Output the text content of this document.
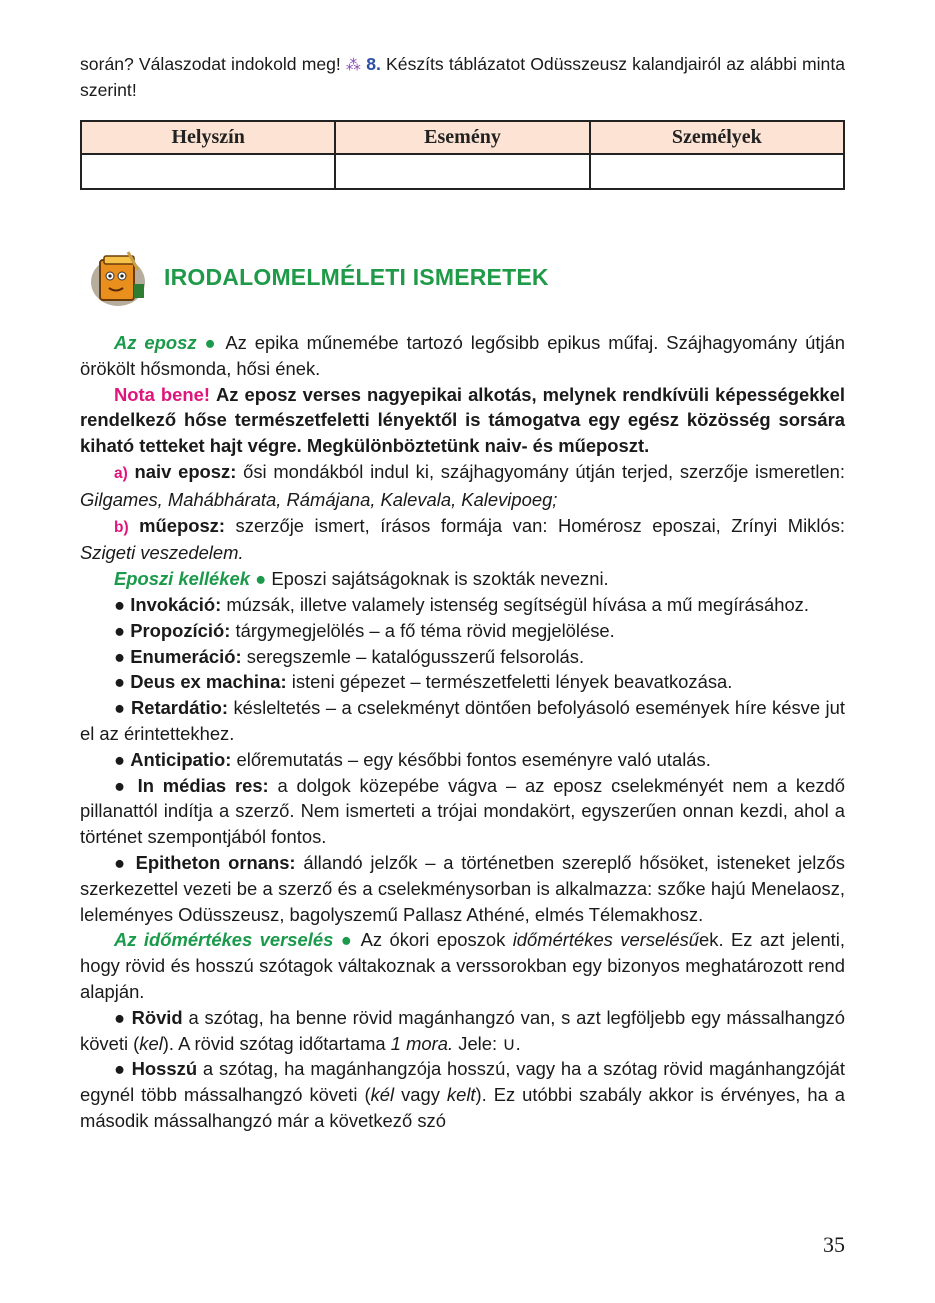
során? Válaszodat indokold meg! ⁂ 8. Készíts táblázatot Odüsszeusz kalandjairól az alábbi minta szerint!

Helyszín	Esemény	Személyek

IRODALOMELMÉLETI ISMERETEK

Az eposz ● Az epika műnemébe tartozó legősibb epikus műfaj. Szájhagyomány útján örökölt hősmonda, hősi ének.

Nota bene! Az eposz verses nagyepikai alkotás, melynek rendkívüli képességekkel rendelkező hőse természetfeletti lényektől is támogatva egy egész közösség sorsára kiható tetteket hajt végre. Megkülönböztetünk naiv- és műeposzt.

a) naiv eposz: ősi mondákból indul ki, szájhagyomány útján terjed, szerzője ismeretlen: Gilgames, Mahábhárata, Rámájana, Kalevala, Kalevipoeg;

b) műeposz: szerzője ismert, írásos formája van: Homérosz eposzai, Zrínyi Miklós: Szigeti veszedelem.

Eposzi kellékek ● Eposzi sajátságoknak is szokták nevezni.

● Invokáció: múzsák, illetve valamely istenség segítségül hívása a mű megírásához.

● Propozíció: tárgymegjelölés – a fő téma rövid megjelölése.

● Enumeráció: seregszemle – katalógusszerű felsorolás.

● Deus ex machina: isteni gépezet – természetfeletti lények beavatkozása.

● Retardátio: késleltetés – a cselekményt döntően befolyásoló események híre késve jut el az érintettekhez.

● Anticipatio: előremutatás – egy későbbi fontos eseményre való utalás.

● In médias res: a dolgok közepébe vágva – az eposz cselekményét nem a kezdő pillanattól indítja a szerző. Nem ismerteti a trójai mondakört, egyszerűen onnan kezdi, ahol a történet szempontjából fontos.

● Epitheton ornans: állandó jelzők – a történetben szereplő hősöket, isteneket jelzős szerkezettel vezeti be a szerző és a cselekménysorban is alkalmazza: szőke hajú Menelaosz, leleményes Odüsszeusz, bagolyszemű Pallasz Athéné, elmés Télemakhosz.

Az időmértékes verselés ● Az ókori eposzok időmértékes verselésűek. Ez azt jelenti, hogy rövid és hosszú szótagok váltakoznak a verssorokban egy bizonyos meghatározott rend alapján.

● Rövid a szótag, ha benne rövid magánhangzó van, s azt legföljebb egy mássalhangzó követi (kel). A rövid szótag időtartama 1 mora. Jele: ∪.

● Hosszú a szótag, ha magánhangzója hosszú, vagy ha a szótag rövid magánhangzóját egynél több mássalhangzó követi (kél vagy kelt). Ez utóbbi szabály akkor is érvényes, ha a második mássalhangzó már a következő szó

35
